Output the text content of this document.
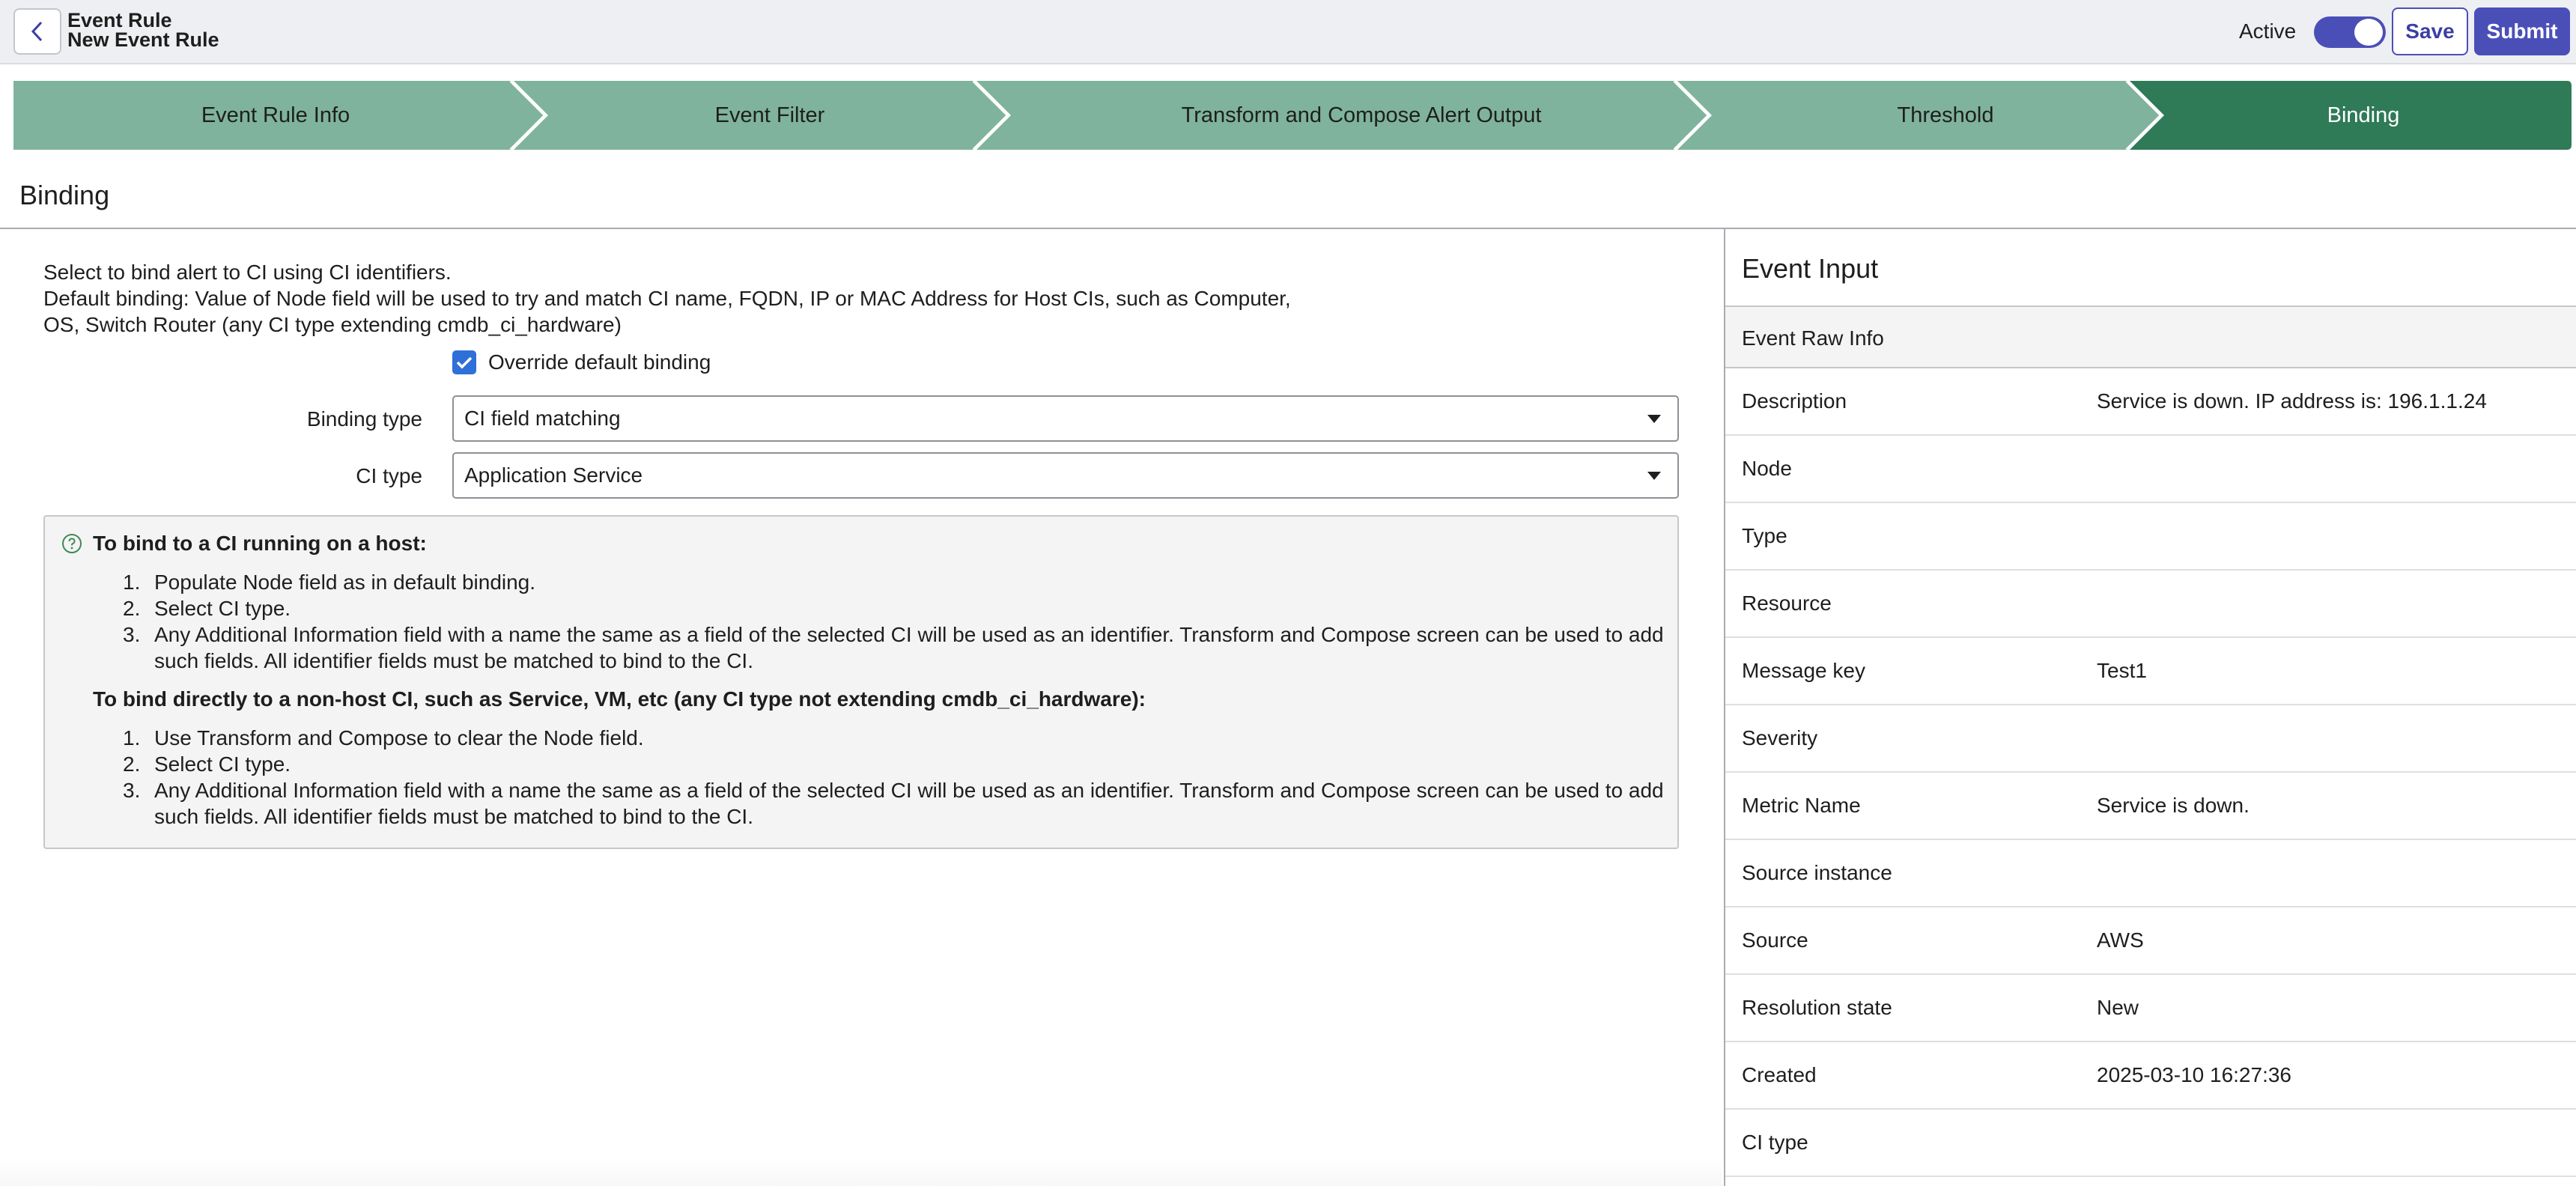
Event Rule
New Event Rule	Active	Save	Submit
Event Rule Info	Event Filter	Transform and Compose Alert Output	Threshold	Binding
Binding
Select to bind alert to CI using CI identifiers.
Default binding: Value of Node field will be used to try and match CI name, FQDN, IP or MAC Address for Host CIs, such as Computer,
OS, Switch Router (any CI type extending cmdb_ci_hardware)
Override default binding
Binding type CI field matching
CI type Application Service
To bind to a CI running on a host:
1. Populate Node field as in default binding.
2. Select CI type.
3. Any Additional Information field with a name the same as a field of the selected CI will be used as an identifier. Transform and Compose screen can be used to add such fields. All identifier fields must be matched to bind to the CI.
To bind directly to a non-host CI, such as Service, VM, etc (any CI type not extending cmdb_ci_hardware):
1. Use Transform and Compose to clear the Node field.
2. Select CI type.
3. Any Additional Information field with a name the same as a field of the selected CI will be used as an identifier. Transform and Compose screen can be used to add such fields. All identifier fields must be matched to bind to the CI.
Event Input
Event Raw Info
Description	Service is down. IP address is: 196.1.1.24
Node
Type
Resource
Message key	Test1
Severity
Metric Name	Service is down.
Source instance
Source	AWS
Resolution state	New
Created	2025-03-10 16:27:36
CI type
